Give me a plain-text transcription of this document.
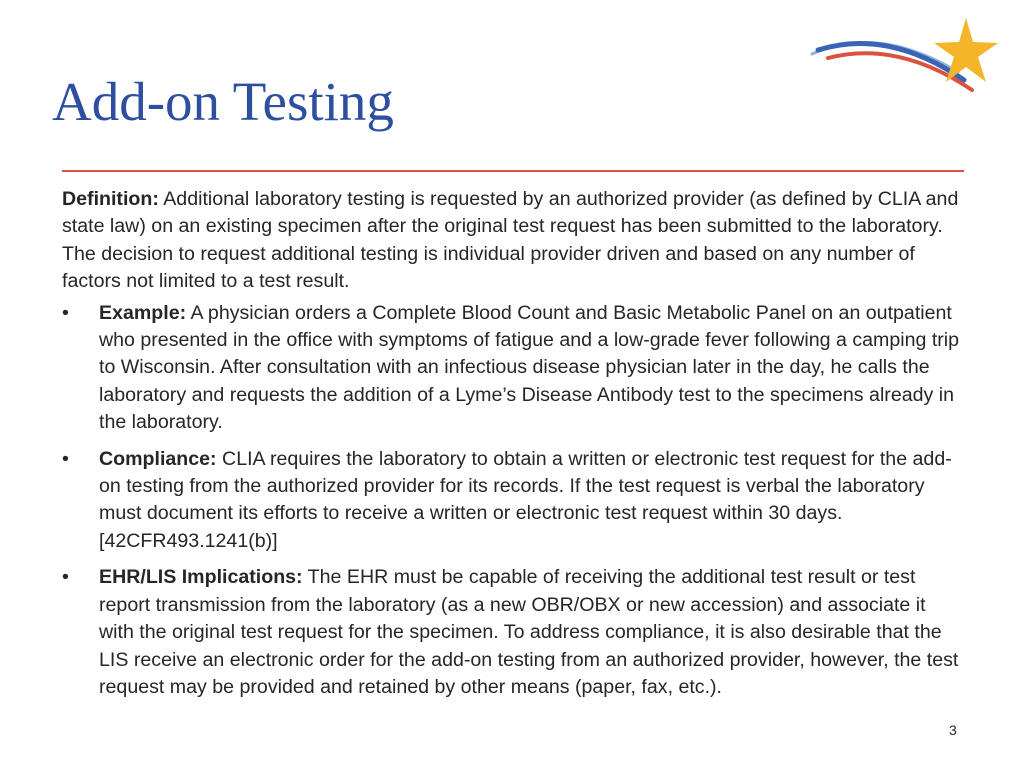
Add-on Testing

Definition: Additional laboratory testing is requested by an authorized provider (as defined by CLIA and state law) on an existing specimen after the original test request has been submitted to the laboratory. The decision to request additional testing is individual provider driven and based on any number of factors not limited to a test result.

• Example: A physician orders a Complete Blood Count and Basic Metabolic Panel on an outpatient who presented in the office with symptoms of fatigue and a low-grade fever following a camping trip to Wisconsin. After consultation with an infectious disease physician later in the day, he calls the laboratory and requests the addition of a Lyme’s Disease Antibody test to the specimens already in the laboratory.
• Compliance: CLIA requires the laboratory to obtain a written or electronic test request for the add-on testing from the authorized provider for its records. If the test request is verbal the laboratory must document its efforts to receive a written or electronic test request within 30 days. [42CFR493.1241(b)]
• EHR/LIS Implications: The EHR must be capable of receiving the additional test result or test report transmission from the laboratory (as a new OBR/OBX or new accession) and associate it with the original test request for the specimen. To address compliance, it is also desirable that the LIS receive an electronic order for the add-on testing from an authorized provider, however, the test request may be provided and retained by other means (paper, fax, etc.).
3
